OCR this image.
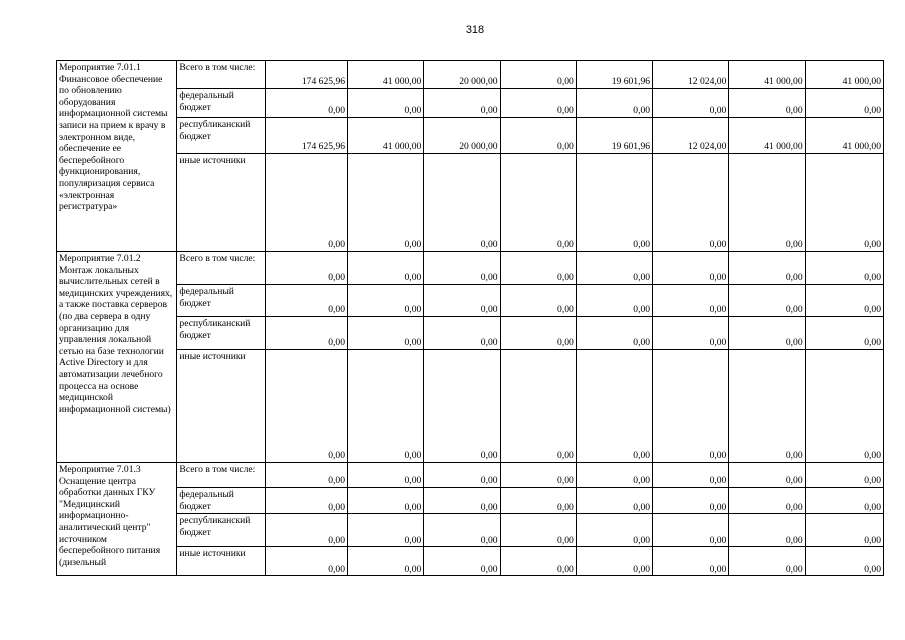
318
Мероприятие 7.01.1 Финансовое обеспечение по обновлению оборудования информационной системы записи на прием к врачу в электронном виде, обеспечение ее бесперебойного функционирования, популяризация сервиса «электронная регистратура»	Всего в том числе:	174 625,96	41 000,00	20 000,00	0,00	19 601,96	12 024,00	41 000,00	41 000,00
	федеральный бюджет	0,00	0,00	0,00	0,00	0,00	0,00	0,00	0,00
	республиканский бюджет	174 625,96	41 000,00	20 000,00	0,00	19 601,96	12 024,00	41 000,00	41 000,00
	иные источники	0,00	0,00	0,00	0,00	0,00	0,00	0,00	0,00
Мероприятие 7.01.2 Монтаж локальных вычислительных сетей в медицинских учреждениях, а также поставка серверов (по два сервера в одну организацию для управления локальной сетью на базе технологии Active Directory и для автоматизации лечебного процесса на основе медицинской информационной системы)	Всего в том числе:	0,00	0,00	0,00	0,00	0,00	0,00	0,00	0,00
	федеральный бюджет	0,00	0,00	0,00	0,00	0,00	0,00	0,00	0,00
	республиканский бюджет	0,00	0,00	0,00	0,00	0,00	0,00	0,00	0,00
	иные источники	0,00	0,00	0,00	0,00	0,00	0,00	0,00	0,00
Мероприятие 7.01.3 Оснащение центра обработки данных ГКУ "Медицинский информационно-аналитический центр" источником бесперебойного питания (дизельный	Всего в том числе:	0,00	0,00	0,00	0,00	0,00	0,00	0,00	0,00
	федеральный бюджет	0,00	0,00	0,00	0,00	0,00	0,00	0,00	0,00
	республиканский бюджет	0,00	0,00	0,00	0,00	0,00	0,00	0,00	0,00
	иные источники	0,00	0,00	0,00	0,00	0,00	0,00	0,00	0,00
